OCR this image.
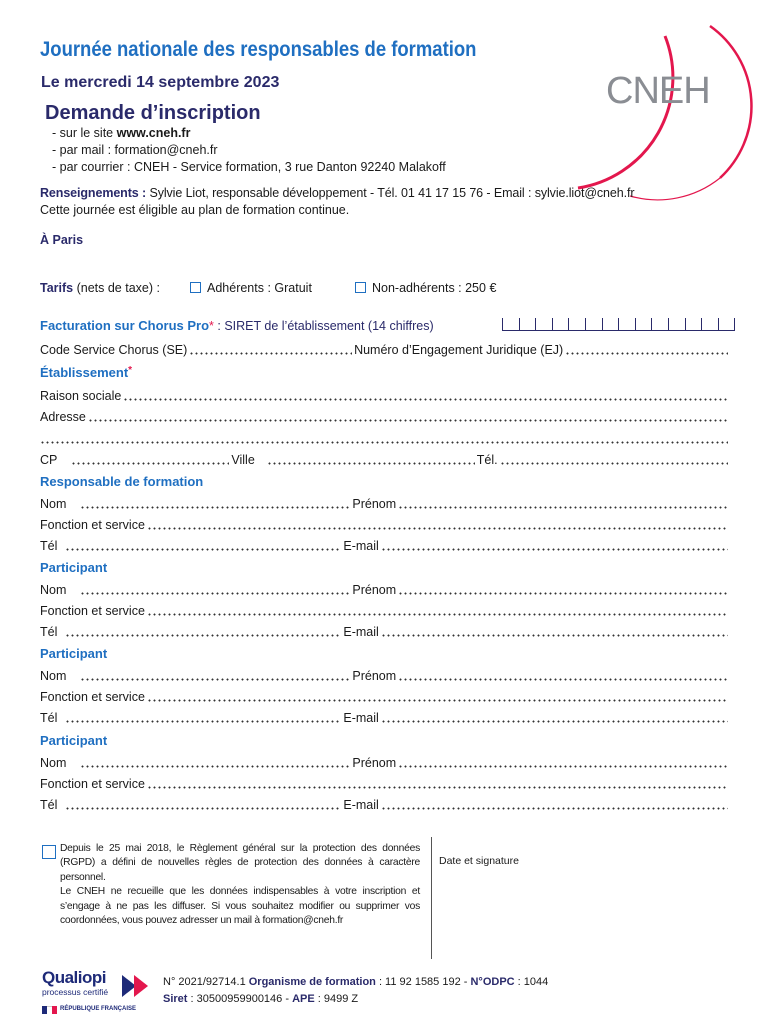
Journée nationale des responsables de formation
Le mercredi 14 septembre 2023
Demande d’inscription
CNEH
- sur le site www.cneh.fr
- par mail : formation@cneh.fr
- par courrier : CNEH - Service formation, 3 rue Danton 92240 Malakoff
Renseignements : Sylvie Liot, responsable développement - Tél. 01 41 17 15 76 - Email : sylvie.liot@cneh.fr
Cette journée est éligible au plan de formation continue.
À Paris
Tarifs (nets de taxe) :	Adhérents : Gratuit	Non-adhérents : 250 €
Facturation sur Chorus Pro* : SIRET de l’établissement (14 chiffres)
Code Service Chorus (SE)	Numéro d’Engagement Juridique (EJ)
Établissement*
Raison sociale
Adresse
CP	Ville	Tél.
Responsable de formation
Nom	Prénom
Fonction et service
Tél	E-mail
Participant
Nom	Prénom
Fonction et service
Tél	E-mail
Participant
Nom	Prénom
Fonction et service
Tél	E-mail
Participant
Nom	Prénom
Fonction et service
Tél	E-mail

Depuis le 25 mai 2018, le Règlement général sur la protection des données (RGPD) a défini de nouvelles règles de protection des données à caractère personnel.

Le CNEH ne recueille que les données indispensables à votre inscription et s’engage à ne pas les diffuser. Si vous souhaitez modifier ou supprimer vos coordonnées, vous pouvez adresser un mail à formation@cneh.fr

Date et signature
Qualiopi
processus certifié
RÉPUBLIQUE FRANÇAISE
N° 2021/92714.1 Organisme de formation : 11 92 1585 192 - N°ODPC : 1044
Siret : 30500959900146 - APE : 9499 Z
